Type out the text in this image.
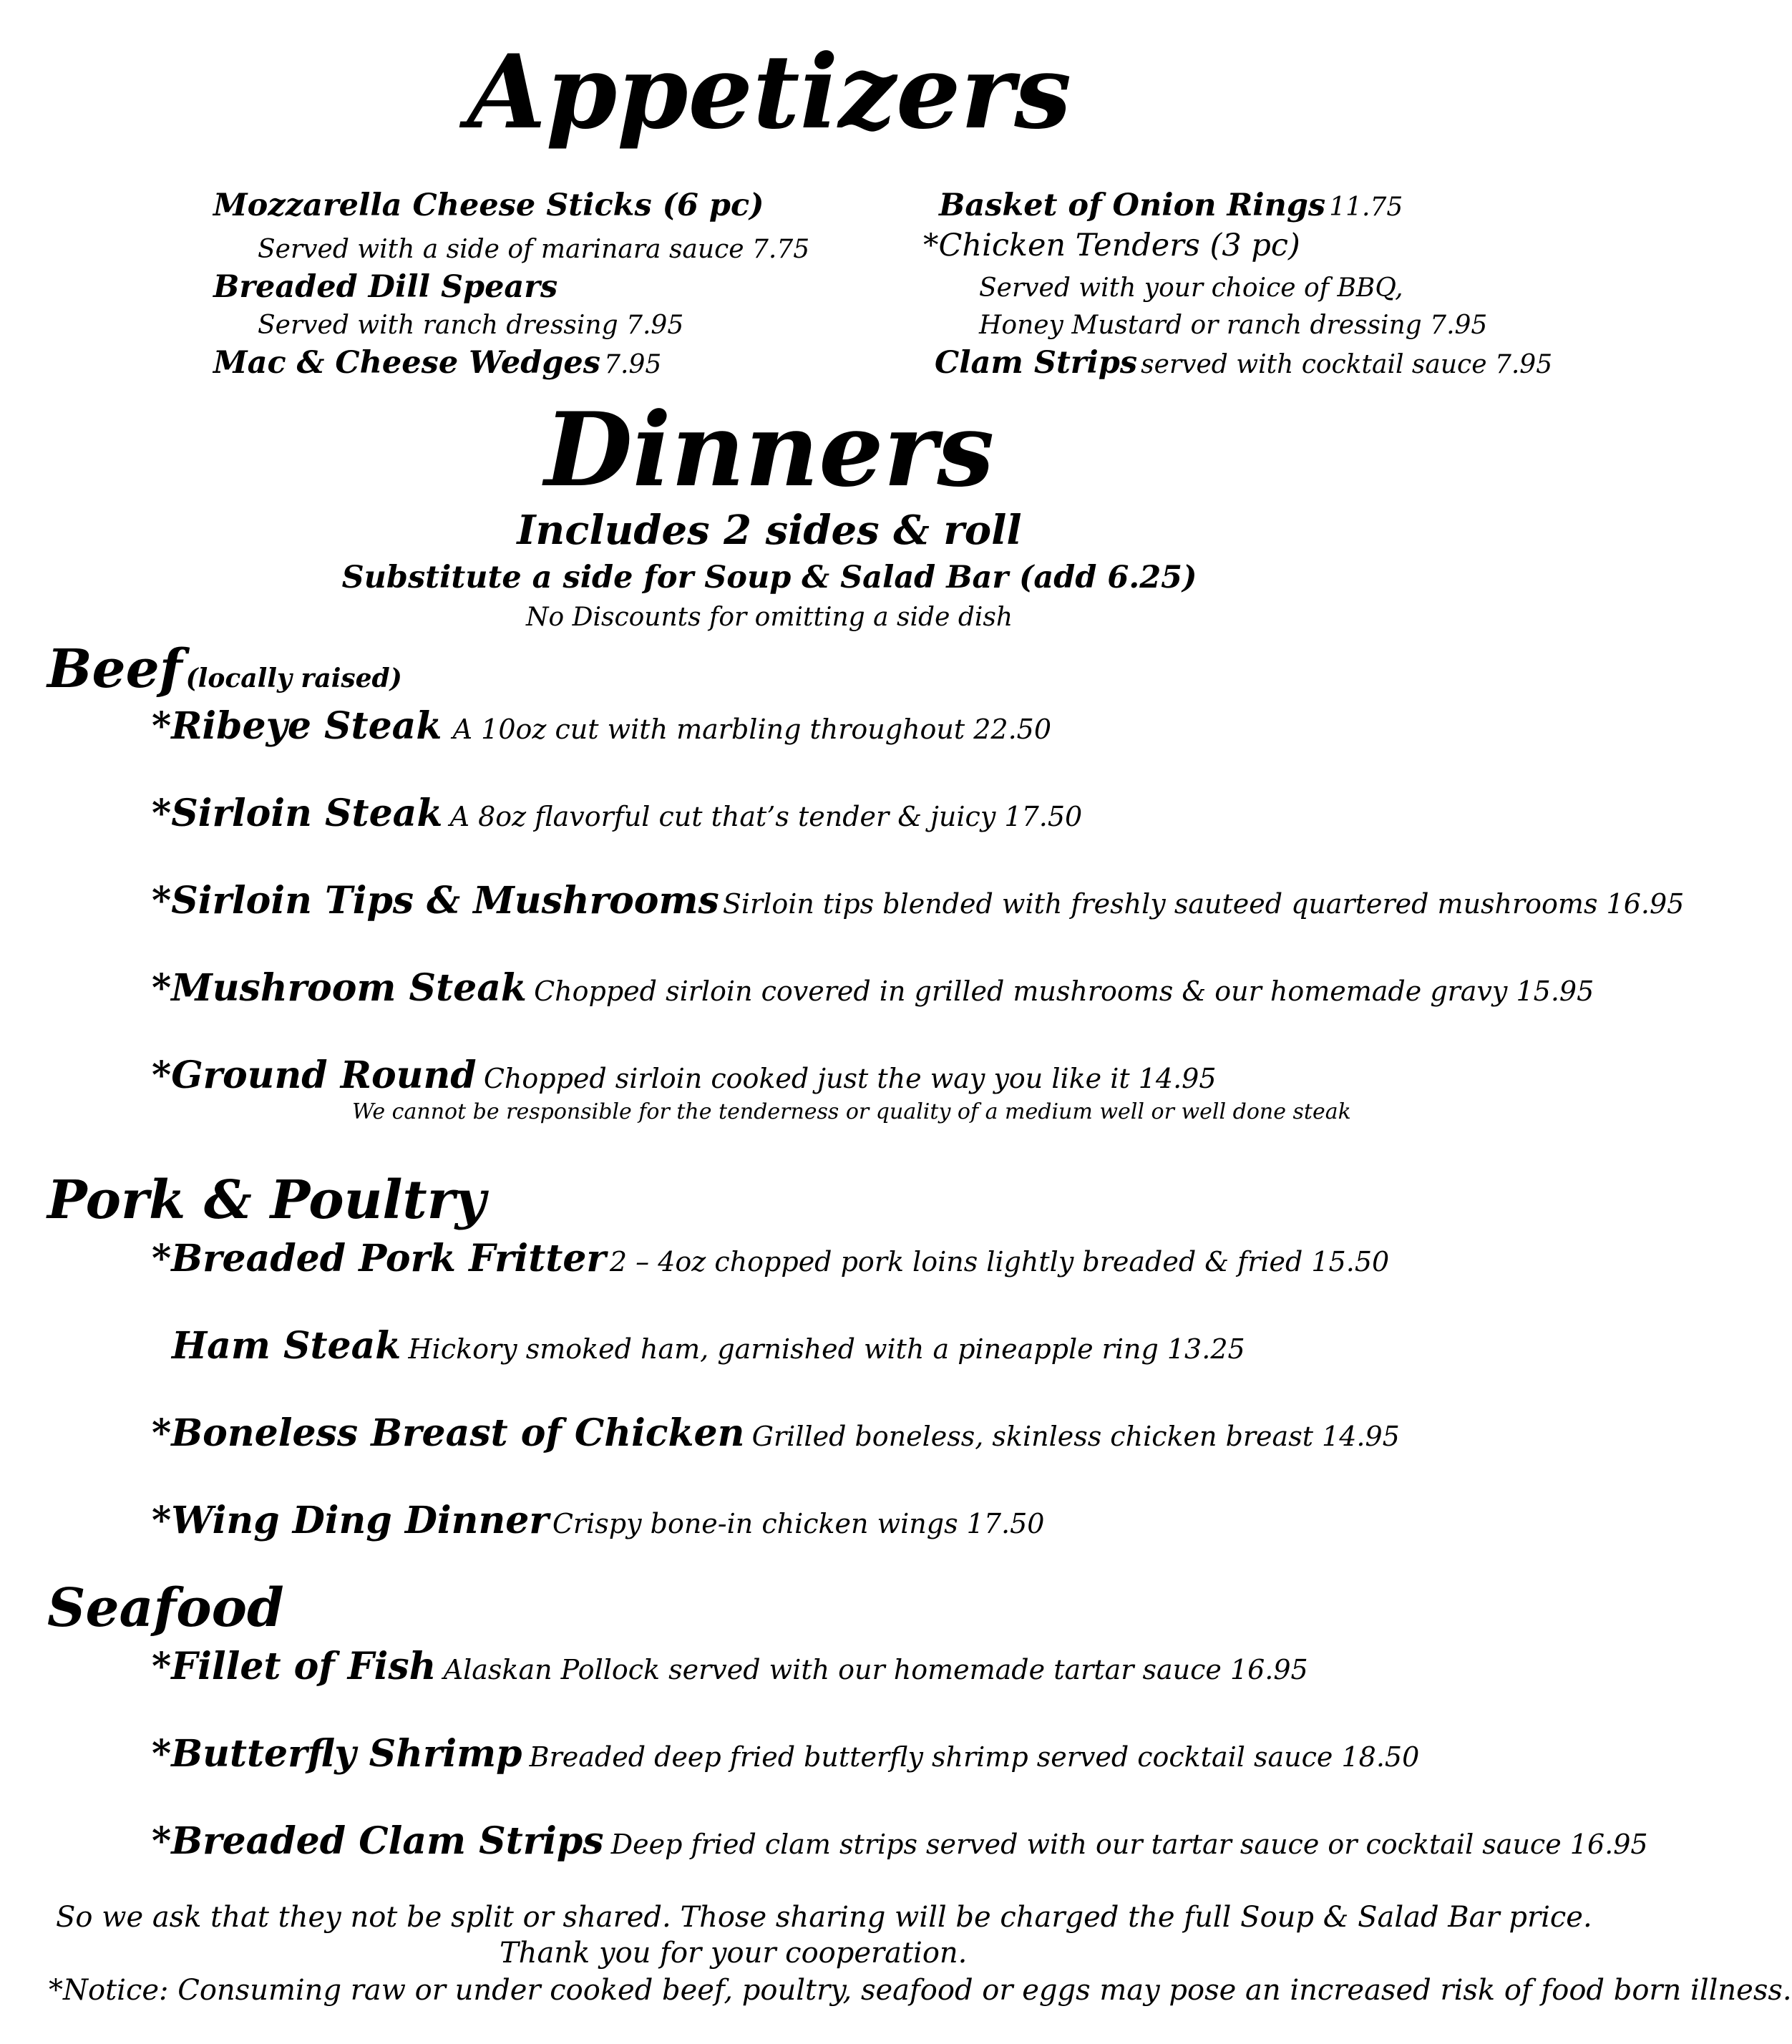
Appetizers
Mozzarella Cheese Sticks (6 pc)
Served with a side of marinara sauce 7.75
Breaded Dill Spears
Served with ranch dressing 7.95
Mac & Cheese Wedges 7.95
Basket of Onion Rings 11.75
*Chicken Tenders (3 pc)
Served with your choice of BBQ,
Honey Mustard or ranch dressing 7.95
Clam Strips served with cocktail sauce 7.95
Dinners
Includes 2 sides & roll
Substitute a side for Soup & Salad Bar (add 6.25)
No Discounts for omitting a side dish
Beef (locally raised)
*Ribeye Steak A 10oz cut with marbling throughout 22.50
*Sirloin Steak A 8oz flavorful cut that’s tender & juicy 17.50
*Sirloin Tips & Mushrooms Sirloin tips blended with freshly sauteed quartered mushrooms 16.95
*Mushroom Steak Chopped sirloin covered in grilled mushrooms & our homemade gravy 15.95
*Ground Round Chopped sirloin cooked just the way you like it 14.95
We cannot be responsible for the tenderness or quality of a medium well or well done steak
Pork & Poultry
*Breaded Pork Fritter 2 – 4oz chopped pork loins lightly breaded & fried 15.50
Ham Steak Hickory smoked ham, garnished with a pineapple ring 13.25
*Boneless Breast of Chicken Grilled boneless, skinless chicken breast 14.95
*Wing Ding Dinner Crispy bone-in chicken wings 17.50
Seafood
*Fillet of Fish Alaskan Pollock served with our homemade tartar sauce 16.95
*Butterfly Shrimp Breaded deep fried butterfly shrimp served cocktail sauce 18.50
*Breaded Clam Strips Deep fried clam strips served with our tartar sauce or cocktail sauce 16.95
So we ask that they not be split or shared. Those sharing will be charged the full Soup & Salad Bar price.
Thank you for your cooperation.
*Notice: Consuming raw or under cooked beef, poultry, seafood or eggs may pose an increased risk of food born illness.
